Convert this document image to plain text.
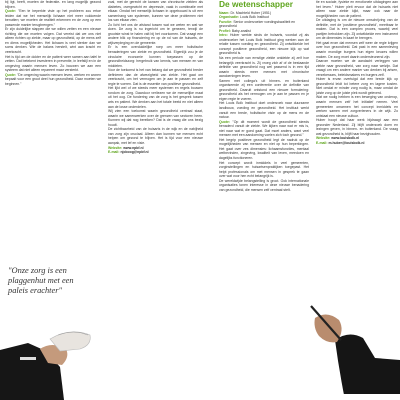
bij ligt, heeft, moeten de federatie- en lang mogelijk gezond blijven.

Quote: "Een te beperkte visie op het probleem zou ertoe leiden dat we het menselijk lichaam niet meer voldoende benutten; we moeten de realiteit erkennen en de zorg op een passende manier terugbrengen."

Er zijn duidelijke stappen die we willen zetten en een nieuwe richting die we moeten volgen. Dat vereist dat we ons niet alleen richten op ziekte, maar op gezondheid, op de mens zelf en diens mogelijkheden. Het lichaam is veel sterker dan we soms denken. Wie de balans herstelt, wint aan kracht en veerkracht.

Het is tijd om de dokter en de patient weer samen aan tafel te zetten. Dat betekent investeren in preventie, in leefstijl en in de omgeving waarin mensen leven. Zo bouwen we aan een systeem dat niet alleen repareert maar versterkt.

Quote: "De omgeving waarin mensen leven, werken en wonen bepaalt voor een groot deel hun gezondheid. Daar moeten we beginnen."

"Onze zorg is een plaggenhut met een paleis erachter"

zoal, met de gerecht de kansen van chronische ziekten als diabetes, overgewicht en depressie, vaak in combinatie met elkaar. Omdat het menselijk lichaam in opgebouwd is uit een samenhang van systemen, kunnen we deze problemen niet los van elkaar zien.

Zo licht het ons de afstand tussen wat we weten en wat we doen. De zorg is nu ingericht om te genezen, terwijl de grootste winst te halen valt bij het voorkomen. Dat vraagt een andere blik op financiering en op de rol van de huisarts, de wijkverpleging en de gemeente.

Er is een overduidelijke roep om meer holistische benaderingen van ziekte en gezondheid. Eigenlijk zou je de circulaire economie kunnen toepassen op de gezondheidszorg: hergebruik van kennis, van mensen en van middelen.

Voor de toekomst is het van belang dat we gezondheid breder definieren dan de afwezigheid van ziekte. Het gaat om veerkracht, om het vermogen om je aan te passen en zelf regie te voeren. Dat is de essentie van positieve gezondheid.

Het lijkt wel of we steeds meer systemen en regels bouwen rondom de zorg. Daardoor verliezen we de menselijke maat uit het oog. De fundering van de zorg is het gesprek tussen arts en patient. We denken aan het totale beeld en niet alleen aan de losse onderdelen.

Wij zien een toekomst waarin gezondheid centraal staat, waarin we samenwerken over de grenzen van sectoren heen. Kunnen wij dat nog bereiken? Dat is de vraag die ons bezig houdt.

De zichtbaarheid van de huisarts in de wijk en de nabijheid van zorg zijn cruciaal. Alleen dan kunnen we mensen echt helpen om gezond te blijven. Het is tijd voor een nieuwe aanpak, met lef en visie.

Website: www.npbf.nl

E-mail: njcboog@npbf.nl

De wetenschapper

Naam: Dr. Machteld Huber (1951)

Organisatie: Louis Bolk Instituut

Functie: Senior onderzoeker voedingskwaliteit en gezondheid

Profiel: Baby-analist

Intro: Huber werkte sinds de huisarts, voordat zij als onderzoeker het Louis Bolk Instituut ging werken aan de relatie tussen voeding en gezondheid. Zij ontwikkelde het concept positieve gezondheid, een nieuwe kijk op wat gezondheid is.

Na een periode van ernstige ziekte ontdekte zij zelf hoe belangrijk veerkracht is. Zij vroeg zich af of de bestaande definitie van gezondheid nog wel passend is in een tijd waarin steeds meer mensen met chronische aandoeningen leven.

Samen met collega's uit binnen- en buitenland organiseerde zij een conferentie over de definitie van gezondheid. Daaruit ontstond een nieuwe formulering: gezondheid als het vermogen om je aan te passen en je eigen regie te voeren.

Het Louis Bolk Instituut doet onderzoek naar duurzame landbouw, voeding en gezondheid. Het instituut werkt vanuit een brede, holistische visie op de mens en de natuur.

Quote: "Op dit moment wordt de gezondheid steeds benaderd vanuit de ziekte. We kijken naar wat er mis is, niet naar wat er goed gaat. Dat moet anders, want veel mensen met een aandoening voelen zich toch gezond."

Het begrip positieve gezondheid legt de nadruk op de mogelijkheden van mensen en niet op hun beperkingen. Het gaat over zes dimensies: lichaamsfuncties, mentaal welbevinden, zingeving, kwaliteit van leven, meedoen en dagelijks functioneren.

Het concept wordt inmiddels in veel gemeenten, zorginstellingen en huisartsenpraktijken toegepast. Het helpt professionals om met mensen in gesprek te gaan over wat voor hen echt belangrijk is.

De wereldwijde belangstelling is groot. Ook internationale organisaties tonen interesse in deze nieuwe benadering van gezondheid, die mensen zelf centraal stelt.

tie en sociale, fysieke en emotionele uitdagingen aan het leven." Huber pleit ervoor dat de huisarts niet alleen naar ziekte kijkt, maar ook naar de mogelijkheden van de patient.

De uitdaging is om de nieuwe omschrijving van de definitie, met de 'positieve gezondheid', meetbaar te maken. Dat is een complex proces, waarbij veel partijen betrokken zijn. Zij ontwikkelde een instrument om de dimensies in kaart te brengen.

Het gaat erom dat mensen zelf weer de regie krijgen over hun gezondheid. Dat past in een samenleving waarin mondige burgers hun eigen keuzes willen maken. De zorg moet daarin ondersteunend zijn.

Daarom moeten we de aandacht verleggen van ziekte naar gezondheid, van zorg naar welzijn. Dat vraagt om een andere manier van denken bij artsen, verzekeraars, beleidsmakers en burgers zelf.

Huber is ervan overtuigd dat een brede kijk op gezondheid leidt tot betere zorg en lagere kosten. Niet omdat er minder zorg nodig is, maar omdat de juiste zorg op de juiste plek wordt geleverd.

Wat we nodig hebben is een beweging van onderop, waarin mensen zelf het initiatief nemen. Veel gemeenten omarmen het concept inmiddels en werken samen met zorgverleners in de wijk. Zo ontstaat een nieuwe cultuur.

Huber hoopt dat haar werk bijdraagt aan een gezonder Nederland. Zij blijft onderzoek doen en lezingen geven, in binnen- en buitenland. De vraag wat gezondheid is, blijft haar bezighouden.

Website: www.louisbolk.nl

E-mail: m.huber@louisbolk.nl
